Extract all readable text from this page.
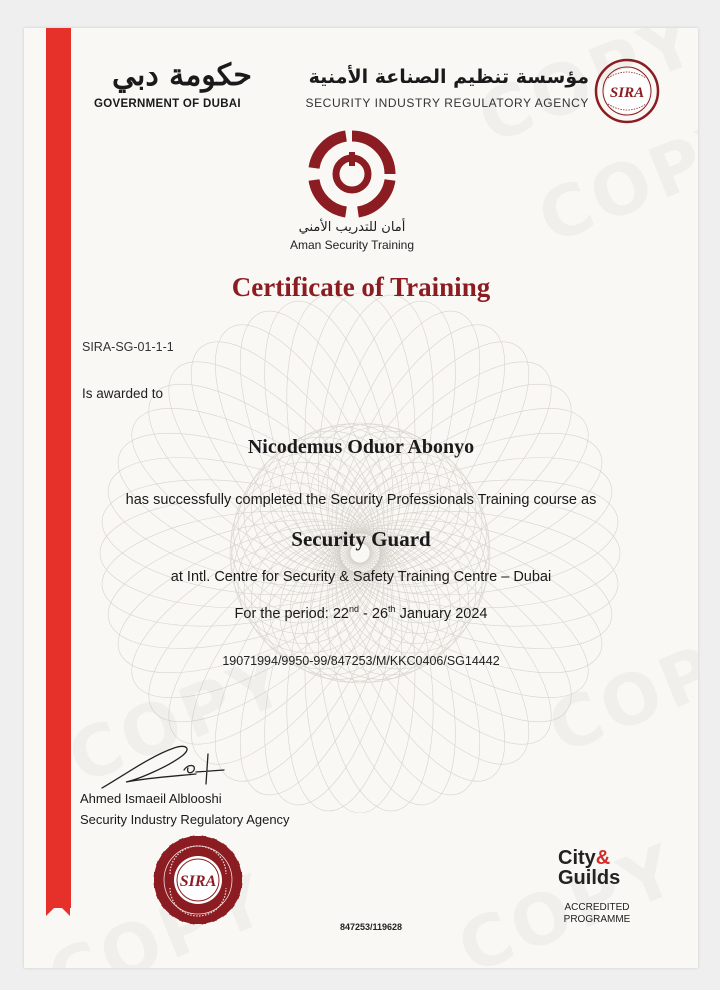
حكومة دبي
GOVERNMENT OF DUBAI
مؤسسة تنظيم الصناعة الأمنية
SECURITY INDUSTRY REGULATORY AGENCY
SIRA
أمان للتدريب الأمني
Aman Security Training
Certificate of Training
SIRA-SG-01-1-1
Is awarded to
Nicodemus Oduor Abonyo
has successfully completed the Security Professionals Training course as
Security Guard
at Intl. Centre for Security & Safety Training Centre – Dubai
For the period: 22nd - 26th January 2024
19071994/9950-99/847253/M/KKC0406/SG14442
Ahmed Ismaeil Alblooshi
Security Industry Regulatory Agency
SIRA
City&
Guilds
ACCREDITED
PROGRAMME
847253/119628
